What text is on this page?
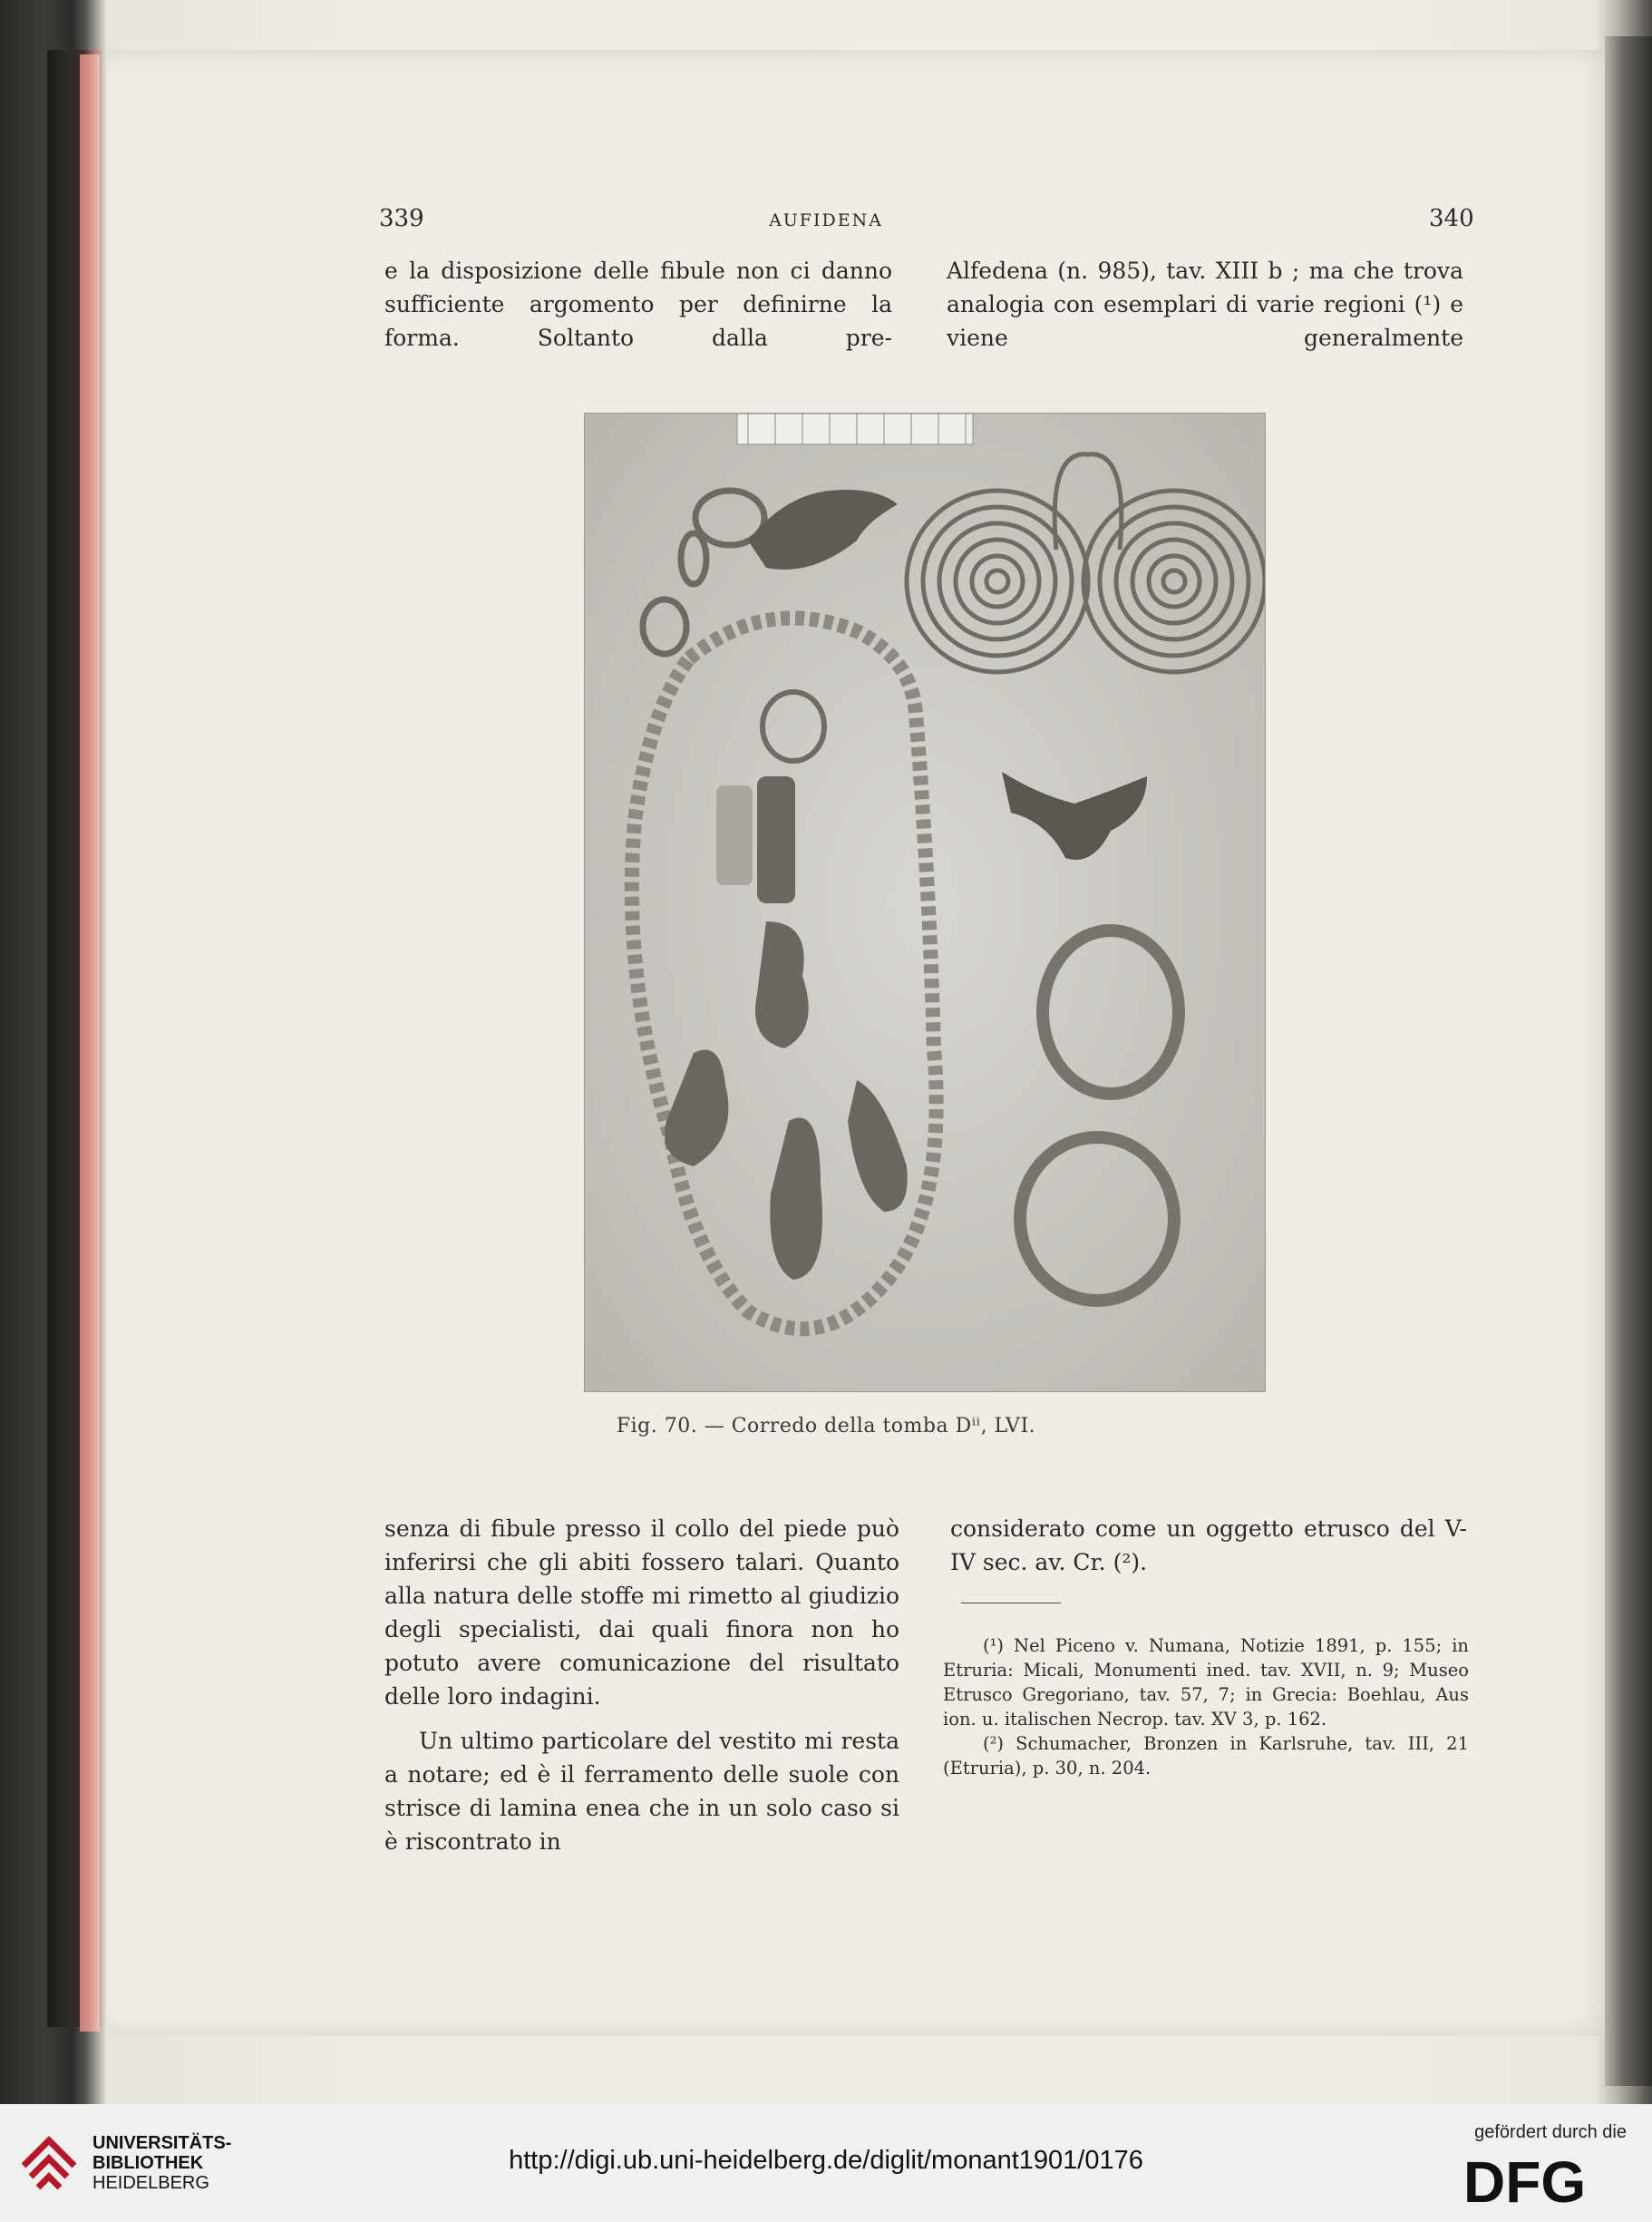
339	AUFIDENA	340
e la disposizione delle fibule non ci danno sufficiente argomento per definirne la forma. Soltanto dalla pre-
Alfedena (n. 985), tav. XIII b ; ma che trova analogia con esemplari di varie regioni (¹) e viene generalmente
Fig. 70. — Corredo della tomba Dⁱⁱ, LVI.

senza di fibule presso il collo del piede può inferirsi che gli abiti fossero talari. Quanto alla natura delle stoffe mi rimetto al giudizio degli specialisti, dai quali finora non ho potuto avere comunicazione del risultato delle loro indagini.

Un ultimo particolare del vestito mi resta a notare; ed è il ferramento delle suole con strisce di lamina enea che in un solo caso si è riscontrato in

considerato come un oggetto etrusco del V-IV sec. av. Cr. (²).

(¹) Nel Piceno v. Numana, Notizie 1891, p. 155; in Etruria: Micali, Monumenti ined. tav. XVII, n. 9; Museo Etrusco Gregoriano, tav. 57, 7; in Grecia: Boehlau, Aus ion. u. italischen Necrop. tav. XV 3, p. 162.

(²) Schumacher, Bronzen in Karlsruhe, tav. III, 21 (Etruria), p. 30, n. 204.

UNIVERSITÄTS-
BIBLIOTHEK
HEIDELBERG
http://digi.ub.uni-heidelberg.de/diglit/monant1901/0176
gefördert durch die
DFG
